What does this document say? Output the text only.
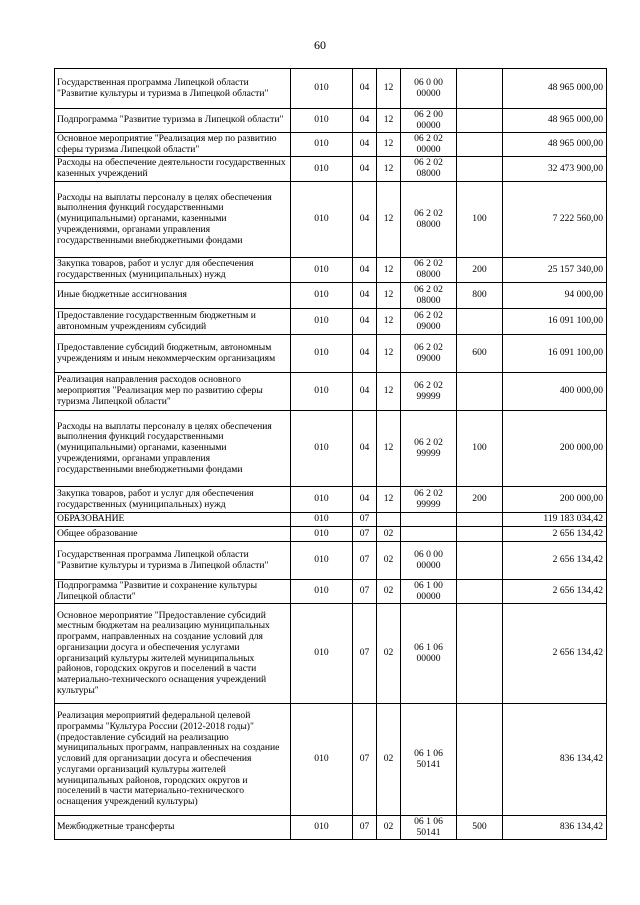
60
Государственная программа Липецкой области "Развитие культуры и туризма в Липецкой области"	010	04	12	06 0 00 00000		48 965 000,00
Подпрограмма "Развитие туризма в Липецкой области"	010	04	12	06 2 00 00000		48 965 000,00
Основное мероприятие "Реализация мер по развитию сферы туризма Липецкой области"	010	04	12	06 2 02 00000		48 965 000,00
Расходы на обеспечение деятельности государственных казенных учреждений	010	04	12	06 2 02 08000		32 473 900,00
Расходы на выплаты персоналу в целях обеспечения выполнения функций государственными (муниципальными) органами, казенными учреждениями, органами управления государственными внебюджетными фондами	010	04	12	06 2 02 08000	100	7 222 560,00
Закупка товаров, работ и услуг для обеспечения государственных (муниципальных) нужд	010	04	12	06 2 02 08000	200	25 157 340,00
Иные бюджетные ассигнования	010	04	12	06 2 02 08000	800	94 000,00
Предоставление государственным бюджетным и автономным учреждениям субсидий	010	04	12	06 2 02 09000		16 091 100,00
Предоставление субсидий бюджетным, автономным учреждениям и иным некоммерческим организациям	010	04	12	06 2 02 09000	600	16 091 100,00
Реализация направления расходов основного мероприятия "Реализация мер по развитию сферы туризма Липецкой области"	010	04	12	06 2 02 99999		400 000,00
Расходы на выплаты персоналу в целях обеспечения выполнения функций государственными (муниципальными) органами, казенными учреждениями, органами управления государственными внебюджетными фондами	010	04	12	06 2 02 99999	100	200 000,00
Закупка товаров, работ и услуг для обеспечения государственных (муниципальных) нужд	010	04	12	06 2 02 99999	200	200 000,00
ОБРАЗОВАНИЕ	010	07				119 183 034,42
Общее образование	010	07	02			2 656 134,42
Государственная программа Липецкой области "Развитие культуры и туризма в Липецкой области"	010	07	02	06 0 00 00000		2 656 134,42
Подпрограмма "Развитие и сохранение культуры Липецкой области"	010	07	02	06 1 00 00000		2 656 134,42
Основное мероприятие "Предоставление субсидий местным бюджетам на реализацию муниципальных программ, направленных на создание условий для организации досуга и обеспечения услугами организаций культуры жителей муниципальных районов, городских округов и поселений в части материально-технического оснащения учреждений культуры"	010	07	02	06 1 06 00000		2 656 134,42
Реализация мероприятий федеральной целевой программы "Культура России (2012-2018 годы)" (предоставление субсидий на реализацию муниципальных программ, направленных на создание условий для организации досуга и обеспечения услугами организаций культуры жителей муниципальных районов, городских округов и поселений в части материально-технического оснащения учреждений культуры)	010	07	02	06 1 06 50141		836 134,42
Межбюджетные трансферты	010	07	02	06 1 06 50141	500	836 134,42
